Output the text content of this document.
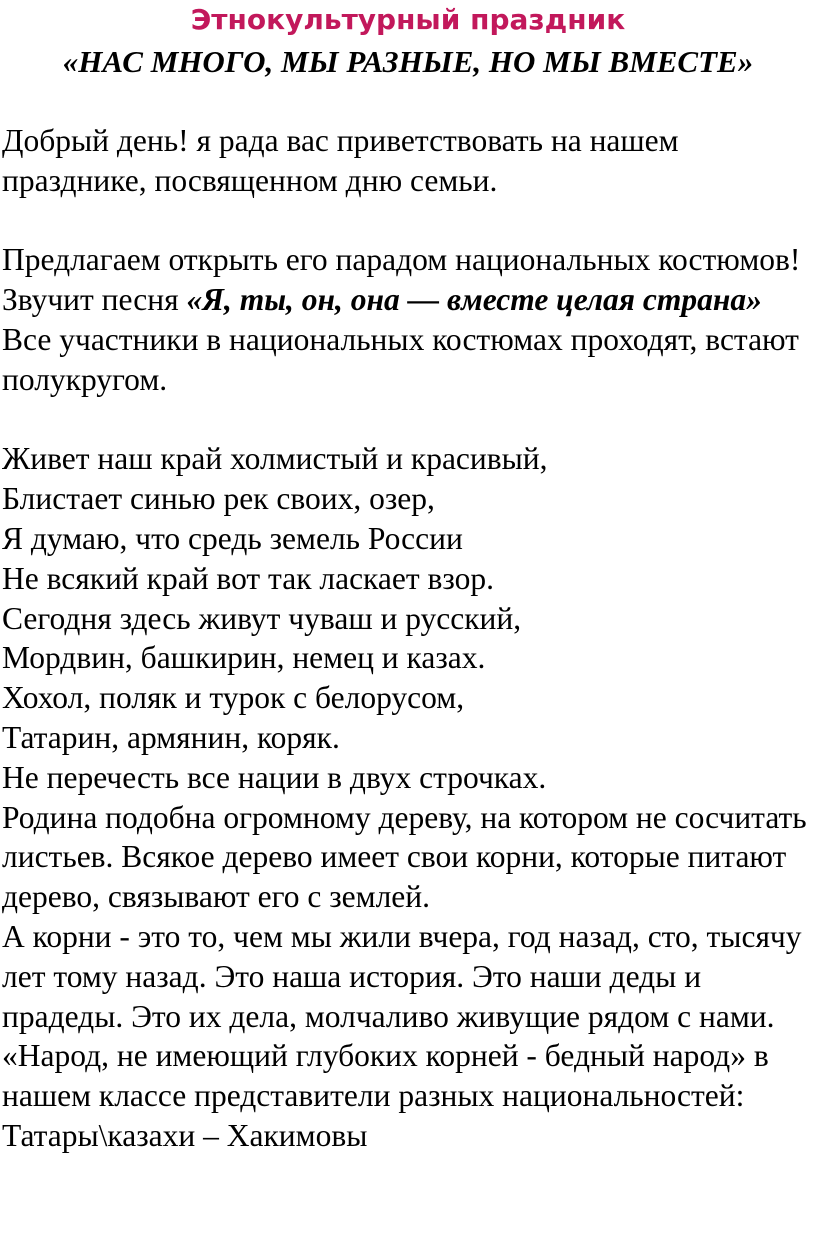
Этнокультурный праздник
«НАС МНОГО, МЫ РАЗНЫЕ, НО МЫ ВМЕСТЕ»

Добрый день! я рада вас приветствовать на нашем празднике, посвященном дню семьи.

Предлагаем открыть его парадом национальных костюмов!

Звучит песня «Я, ты, он, она — вместе целая страна» Все участники в национальных костюмах проходят, встают полукругом.

Живет наш край холмистый и красивый,

Блистает синью рек своих, озер,

Я думаю, что средь земель России

Не всякий край вот так ласкает взор.

Сегодня здесь живут чуваш и русский,

Мордвин, башкирин, немец и казах.

Хохол, поляк и турок с белорусом,

Татарин, армянин, коряк.

Не перечесть все нации в двух строчках.

Родина подобна огромному дереву, на котором не сосчитать листьев. Всякое дерево имеет свои корни, которые питают дерево, связывают его с землей.

А корни - это то, чем мы жили вчера, год назад, сто, тысячу лет тому назад. Это наша история. Это наши деды и прадеды. Это их дела, молчаливо живущие рядом с нами. «Народ, не имеющий глубоких корней - бедный народ» в нашем классе представители разных национальностей:

Татары\казахи – Хакимовы
